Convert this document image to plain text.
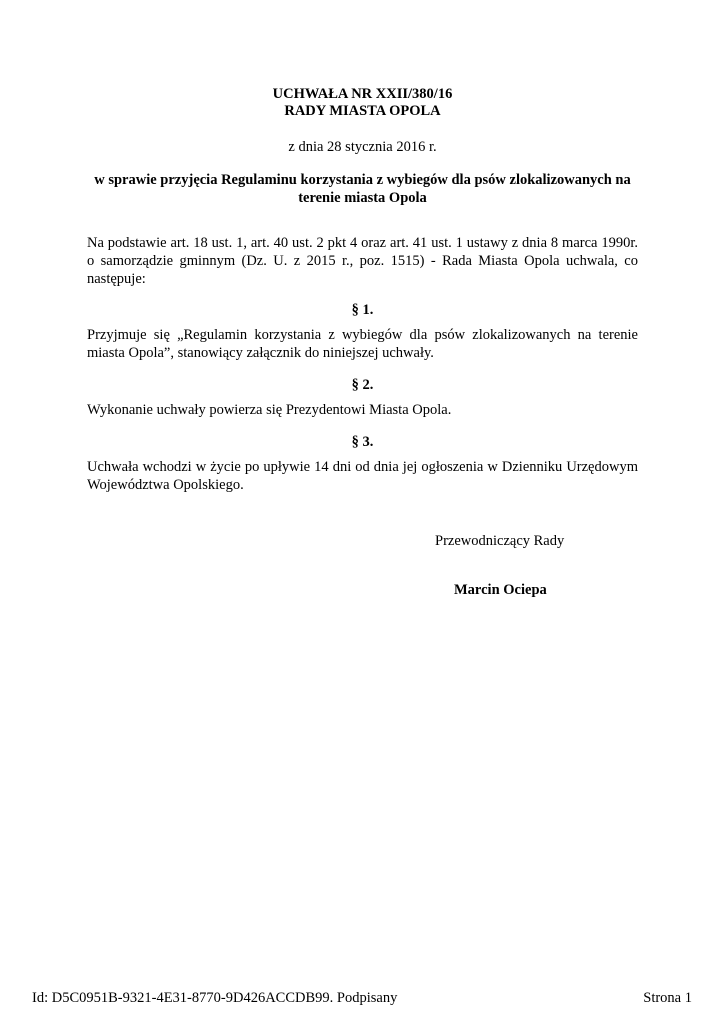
UCHWAŁA NR XXII/380/16
RADY MIASTA OPOLA
z dnia 28 stycznia 2016 r.
w sprawie przyjęcia Regulaminu korzystania z wybiegów dla psów zlokalizowanych na
terenie miasta Opola
Na podstawie art. 18 ust. 1, art. 40 ust. 2 pkt 4 oraz art. 41 ust. 1 ustawy z dnia 8 marca 1990r. o samorządzie gminnym (Dz. U. z 2015 r., poz. 1515) - Rada Miasta Opola uchwala, co następuje:
§ 1.
Przyjmuje się „Regulamin korzystania z wybiegów dla psów zlokalizowanych na terenie miasta Opola”, stanowiący załącznik do niniejszej uchwały.
§ 2.
Wykonanie uchwały powierza się Prezydentowi Miasta Opola.
§ 3.
Uchwała wchodzi w życie po upływie 14 dni od dnia jej ogłoszenia w Dzienniku Urzędowym Województwa Opolskiego.
Przewodniczący Rady
Marcin Ociepa
Id: D5C0951B-9321-4E31-8770-9D426ACCDB99. Podpisany	Strona 1
